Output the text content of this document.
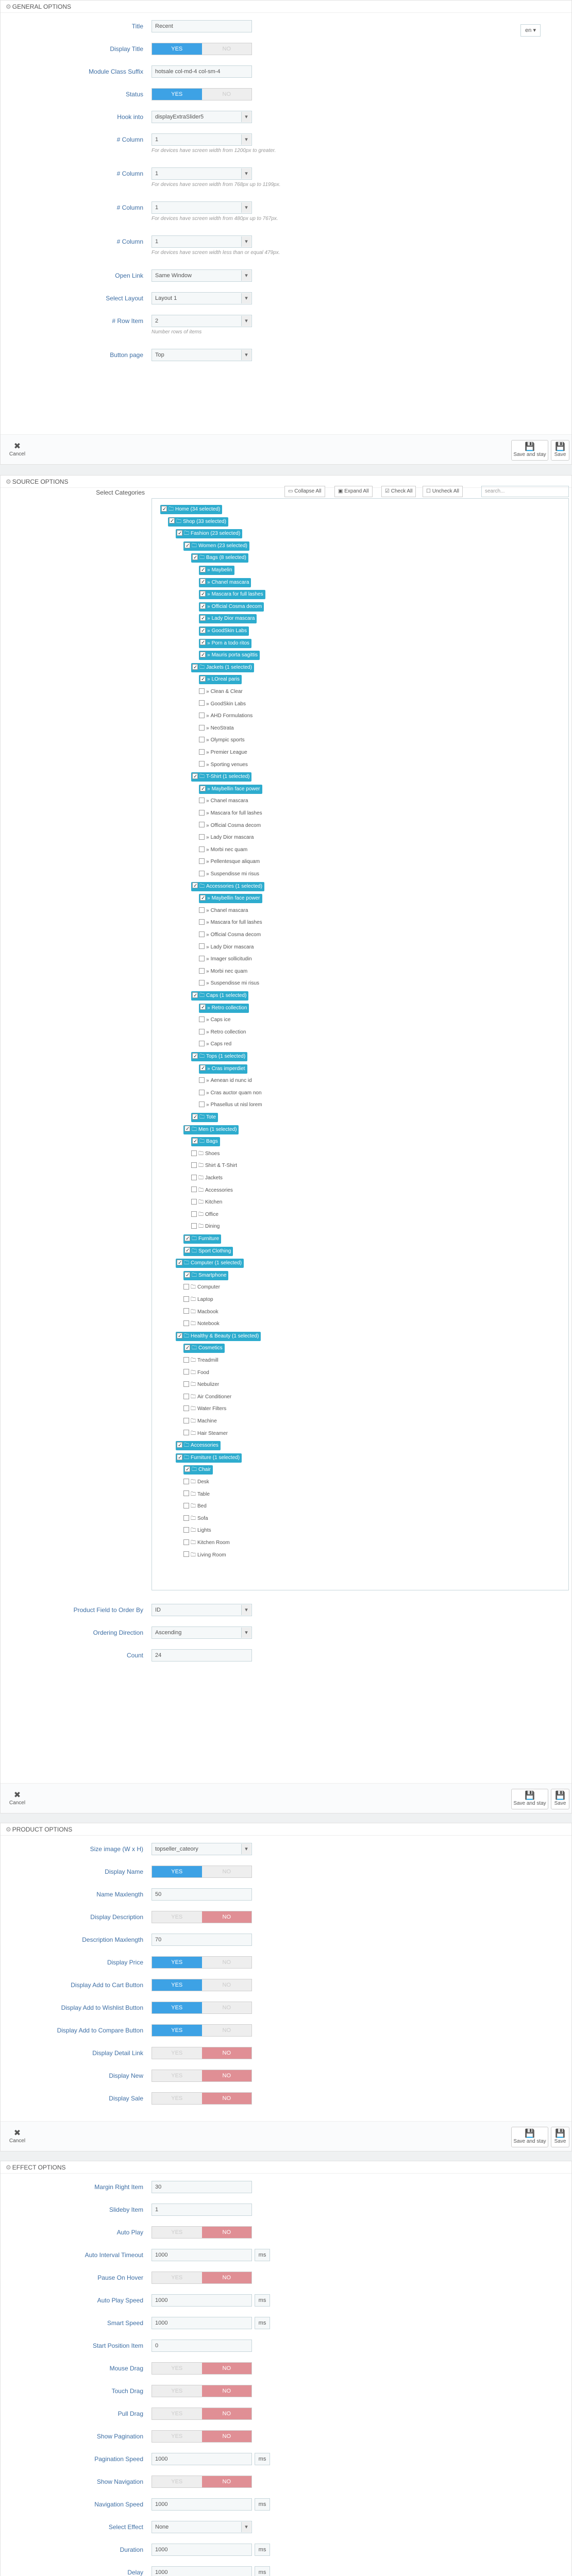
⚙ GENERAL OPTIONS
en ▾
Title	Recent
Display Title	YES	NO
Module Class Suffix	hotsale col-md-4 col-sm-4
Status	YES	NO
Hook into	displayExtraSlider5 ▾
# Column	1 ▾
For devices have screen width from 1200px to greater.
# Column	1 ▾
For devices have screen width from 768px up to 1199px.
# Column	1 ▾
For devices have screen width from 480px up to 767px.
# Column	1 ▾
For devices have screen width less than or equal 479px.
Open Link	Same Window ▾
Select Layout	Layout 1 ▾
# Row Item	2 ▾
Number rows of items
Button page	Top ▾
✖
Cancel
💾
Save and stay
💾
Save
⚙ SOURCE OPTIONS
Select Categories	▭ Collapse All	▣ Expand All	☑ Check All	☐ Uncheck All	search...
✓🗀 Home (34 selected)
✓🗀 Shop (33 selected)
✓🗀 Fashion (23 selected)
✓🗀 Women (23 selected)
✓🗀 Bags (8 selected)
✓» Maybelin
✓» Chanel mascara
✓» Mascara for full lashes
✓» Official Cosma decom
✓» Lady Dior mascara
✓» GoodSkin Labs
✓» Porn a todo ritos
✓» Mauris porta sagittis
✓🗀 Jackets (1 selected)
✓» LOreal paris
» Clean & Clear
» GoodSkin Labs
» AHD Formulations
» NeoStrata
» Olympic sports
» Premier League
» Sporting venues
✓🗀 T-Shirt (1 selected)
✓» Maybellin face power
» Chanel mascara
» Mascara for full lashes
» Official Cosma decom
» Lady Dior mascara
» Morbi nec quam
» Pellentesque aliquam
» Suspendisse mi risus
✓🗀 Accessories (1 selected)
✓» Maybellin face power
» Chanel mascara
» Mascara for full lashes
» Official Cosma decom
» Lady Dior mascara
» Imager sollicitudin
» Morbi nec quam
» Suspendisse mi risus
✓🗀 Caps (1 selected)
✓» Retro collection
» Caps ice
» Retro collection
» Caps red
✓🗀 Tops (1 selected)
✓» Cras imperdiet
» Aenean id nunc id
» Cras auctor quam non
» Phasellus ut nisl lorem
✓🗀 Tote
✓🗀 Men (1 selected)
✓🗀 Bags
🗀 Shoes
🗀 Shirt & T-Shirt
🗀 Jackets
🗀 Accessories
🗀 Kitchen
🗀 Office
🗀 Dining
✓🗀 Furniture
✓🗀 Sport Clothing
✓🗀 Computer (1 selected)
✓🗀 Smartphone
🗀 Computer
🗀 Laptop
🗀 Macbook
🗀 Notebook
✓🗀 Healthy & Beauty (1 selected)
✓🗀 Cosmetics
🗀 Treadmill
🗀 Food
🗀 Nebulizer
🗀 Air Conditioner
🗀 Water Filters
🗀 Machine
🗀 Hair Steamer
✓🗀 Accessories
✓🗀 Furniture (1 selected)
✓🗀 Chair
🗀 Desk
🗀 Table
🗀 Bed
🗀 Sofa
🗀 Lights
🗀 Kitchen Room
🗀 Living Room
Product Field to Order By	ID ▾
Ordering Direction	Ascending ▾
Count	24
✖
Cancel
💾
Save and stay
💾
Save
⚙ PRODUCT OPTIONS
Size image (W x H)	topseller_cateory ▾
Display Name	YES	NO
Name Maxlength	50
Display Description	YES	NO
Description Maxlength	70
Display Price	YES	NO
Display Add to Cart Button	YES	NO
Display Add to Wishlist Button	YES	NO
Display Add to Compare Button	YES	NO
Display Detail Link	YES	NO
Display New	YES	NO
Display Sale	YES	NO
✖
Cancel
💾
Save and stay
💾
Save
⚙ EFFECT OPTIONS
Margin Right Item	30
Slideby Item	1
Auto Play	YES	NO
Auto Interval Timeout	1000	ms
Pause On Hover	YES	NO
Auto Play Speed	1000	ms
Smart Speed	1000	ms
Start Position Item	0
Mouse Drag	YES	NO
Touch Drag	YES	NO
Pull Drag	YES	NO
Show Pagination	YES	NO
Pagination Speed	1000	ms
Show Navigation	YES	NO
Navigation Speed	1000	ms
Select Effect	None ▾
Duration	1000	ms
Delay	1000	ms
